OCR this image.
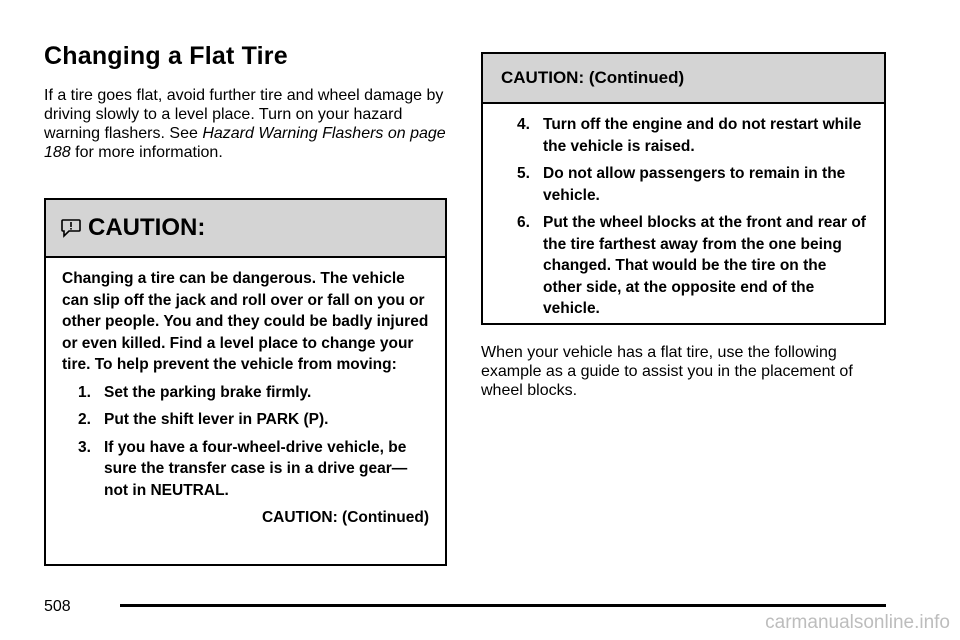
Changing a Flat Tire

If a tire goes flat, avoid further tire and wheel damage by driving slowly to a level place. Turn on your hazard warning flashers. See Hazard Warning Flashers on page 188 for more information.

CAUTION:

Changing a tire can be dangerous. The vehicle can slip off the jack and roll over or fall on you or other people. You and they could be badly injured or even killed. Find a level place to change your tire. To help prevent the vehicle from moving:

1. Set the parking brake firmly.
2. Put the shift lever in PARK (P).
3. If you have a four-wheel-drive vehicle, be sure the transfer case is in a drive gear— not in NEUTRAL.
CAUTION: (Continued)
CAUTION: (Continued)
4. Turn off the engine and do not restart while the vehicle is raised.
5. Do not allow passengers to remain in the vehicle.
6. Put the wheel blocks at the front and rear of the tire farthest away from the one being changed. That would be the tire on the other side, at the opposite end of the vehicle.

When your vehicle has a flat tire, use the following example as a guide to assist you in the placement of wheel blocks.

508
carmanualsonline.info
